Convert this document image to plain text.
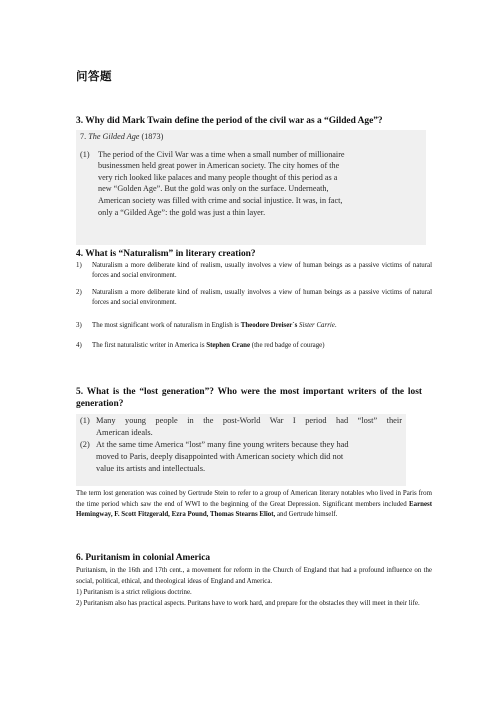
问答题
3. Why did Mark Twain define the period of the civil war as a “Gilded Age”?
7. The Gilded Age (1873)
(1)	The period of the Civil War was a time when a small number of millionaire
businessmen held great power in American society. The city homes of the
very rich looked like palaces and many people thought of this period as a
new “Golden Age”. But the gold was only on the surface. Underneath,
American society was filled with crime and social injustice. It was, in fact,
only a “Gilded Age”: the gold was just a thin layer.
4. What is “Naturalism” in literary creation?
1)	Naturalism a more deliberate kind of realism, usually involves a view of human beings as a passive victims of natural forces and social environment.
2)	Naturalism a more deliberate kind of realism, usually involves a view of human beings as a passive victims of natural forces and social environment.
3)	The most significant work of naturalism in English is Theodore Dreiser`s Sister Carrie.
4)	The first naturalistic writer in America is Stephen Crane (the red badge of courage)
5. What is the “lost generation”? Who were the most important writers of the lost generation?
(1) Many young people in the post-World War I period had “lost” their
American ideals.
(2) At the same time America “lost” many fine young writers because they had
moved to Paris, deeply disappointed with American society which did not
value its artists and intellectuals.
The term lost generation was coined by Gertrude Stein to refer to a group of American literary notables who lived in Paris from the time period which saw the end of WWI to the beginning of the Great Depression. Significant members included Earnest Hemingway, F. Scott Fitzgerald, Ezra Pound, Thomas Stearns Eliot, and Gertrude himself.
6. Puritanism in colonial America
Puritanism, in the 16th and 17th cent., a movement for reform in the Church of England that had a profound influence on the social, political, ethical, and theological ideas of England and America.
1) Puritanism is a strict religious doctrine.
2) Puritanism also has practical aspects. Puritans have to work hard, and prepare for the obstacles they will meet in their life.
